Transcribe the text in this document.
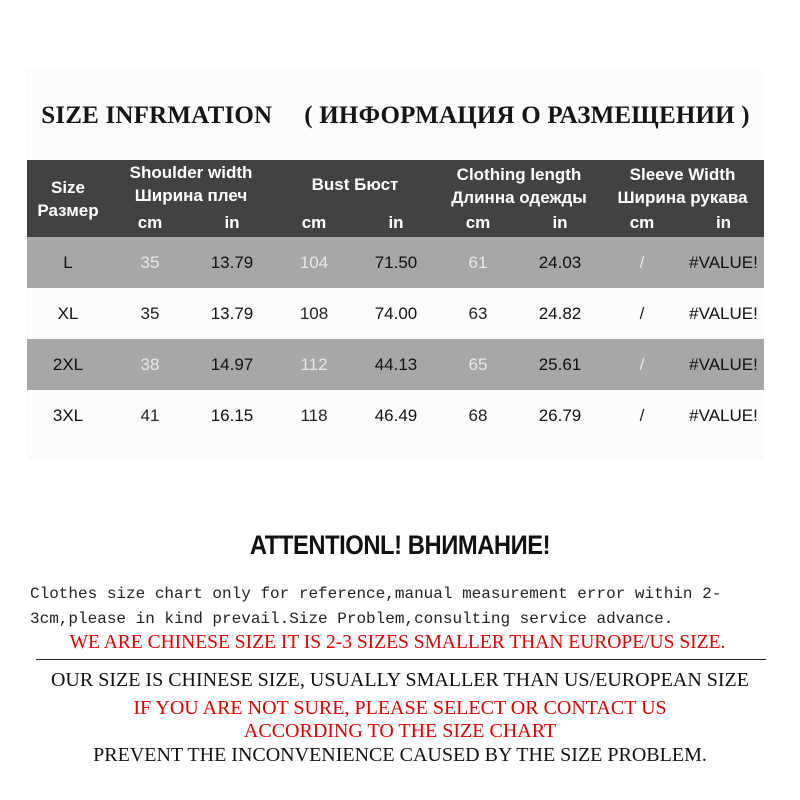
SIZE INFRMATION ( ИНФОРМАЦИЯ О РАЗМЕЩЕНИИ )
Size
Размер
Shoulder width
Ширина плеч
Bust Бюст
Clothing length
Длинна одежды
Sleeve Width
Ширина рукава
cm	in	cm	in	cm	in	cm	in
L	35	13.79	104	71.50	61	24.03	/	#VALUE!
XL	35	13.79	108	74.00	63	24.82	/	#VALUE!
2XL	38	14.97	112	44.13	65	25.61	/	#VALUE!
3XL	41	16.15	118	46.49	68	26.79	/	#VALUE!
ATTENTIONL! ВНИМАНИЕ!
Clothes size chart only for reference,manual measurement error within 2-
3cm,please in kind prevail.Size Problem,consulting service advance.
WE ARE CHINESE SIZE IT IS 2-3 SIZES SMALLER THAN EUROPE/US SIZE.
OUR SIZE IS CHINESE SIZE, USUALLY SMALLER THAN US/EUROPEAN SIZE
IF YOU ARE NOT SURE, PLEASE SELECT OR CONTACT US
ACCORDING TO THE SIZE CHART
PREVENT THE INCONVENIENCE CAUSED BY THE SIZE PROBLEM.
